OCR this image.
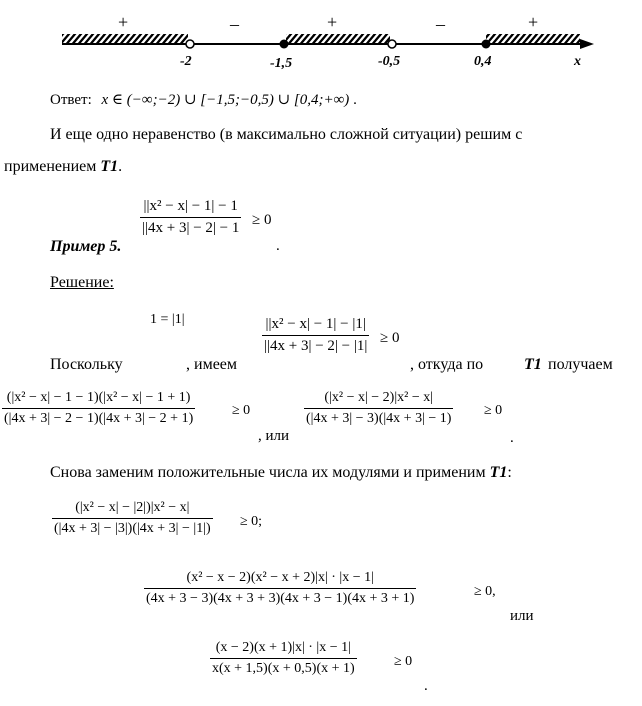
+	–	+	–	+
-2	-1,5	-0,5	0,4	x
Ответ: x ∈ (−∞;−2) ∪ [−1,5;−0,5) ∪ [0,4;+∞) .
И еще одно неравенство (в максимально сложной ситуации) решим с
применением T1.
Пример 5.
$\frac{\text{||x² − x| − 1| − 1}}{||4x + 3| - 2| - 1} \ge 0$
.
Решение:
1 = |1|
Поскольку	, имеем
$\frac{\text{||x² − x| − 1| − |1|}}{||4x + 3| - 2| - |1|} \ge 0$
, откуда по	T1 получаем
$\frac{\text{(|x² − x| − 1 − 1)(|x² − x| − 1 + 1)}}{(|4x + 3| - 2 - 1)(|4x + 3| - 2 + 1)}$	≥ 0
, или
$\frac{\text{(|x² − x| − 2)|x² − x|}}{(|4x + 3| - 3)(|4x + 3| - 1)} \ge 0$
.
Снова заменим положительные числа их модулями и применим T1:
$\frac{\text{(|x² − x| − |2|)|x² − x|}}{(|4x + 3| - |3|)(|4x + 3| - |1|)} \ge 0$;
$\frac{\text{(x² − x − 2)(x² − x + 2)|x| · |x − 1|}}{(4x + 3 - 3)(4x + 3 + 3)(4x + 3 - 1)(4x + 3 + 1)}$	≥ 0,
или
$\frac{(x - 2)(x + 1)|x| \cdot |x - 1|}{x(x + 1,5)(x + 0,5)(x + 1)}$	≥ 0
.
